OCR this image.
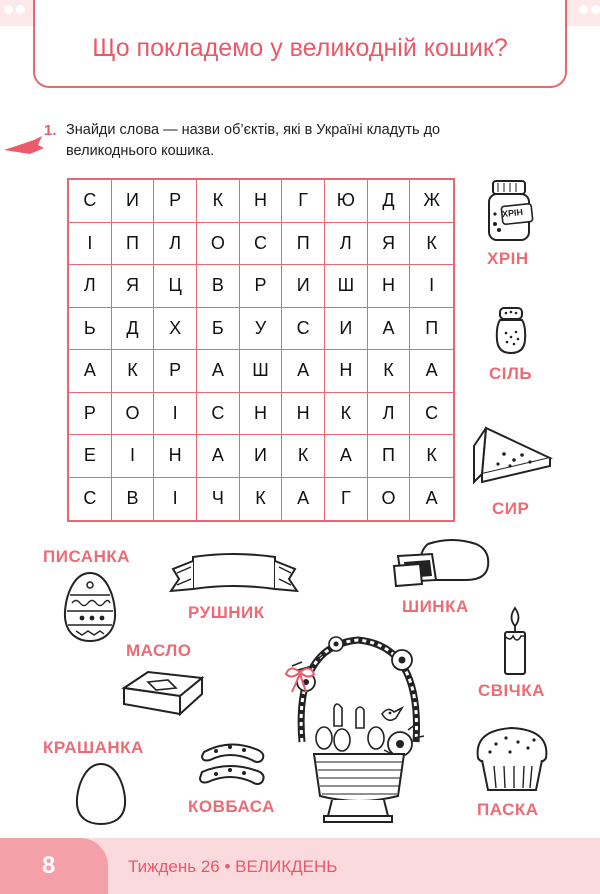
Що покладемо у великодній кошик?
1. Знайди слова — назви об’єктів, які в Україні кладуть до великоднього кошика.
С	И	Р	К	Н	Г	Ю	Д	Ж
І	П	Л	О	С	П	Л	Я	К
Л	Я	Ц	В	Р	И	Ш	Н	І
Ь	Д	Х	Б	У	С	И	А	П
А	К	Р	А	Ш	А	Н	К	А
Р	О	І	С	Н	Н	К	Л	С
Е	І	Н	А	И	К	А	П	К
С	В	І	Ч	К	А	Г	О	А
ХРІН
ХРІН
СІЛЬ
СИР
ПИСАНКА
РУШНИК	ШИНКА
МАСЛО
СВІЧКА
КРАШАНКА
КОВБАСА	ПАСКА
8	Тиждень 26 • ВЕЛИКДЕНЬ
